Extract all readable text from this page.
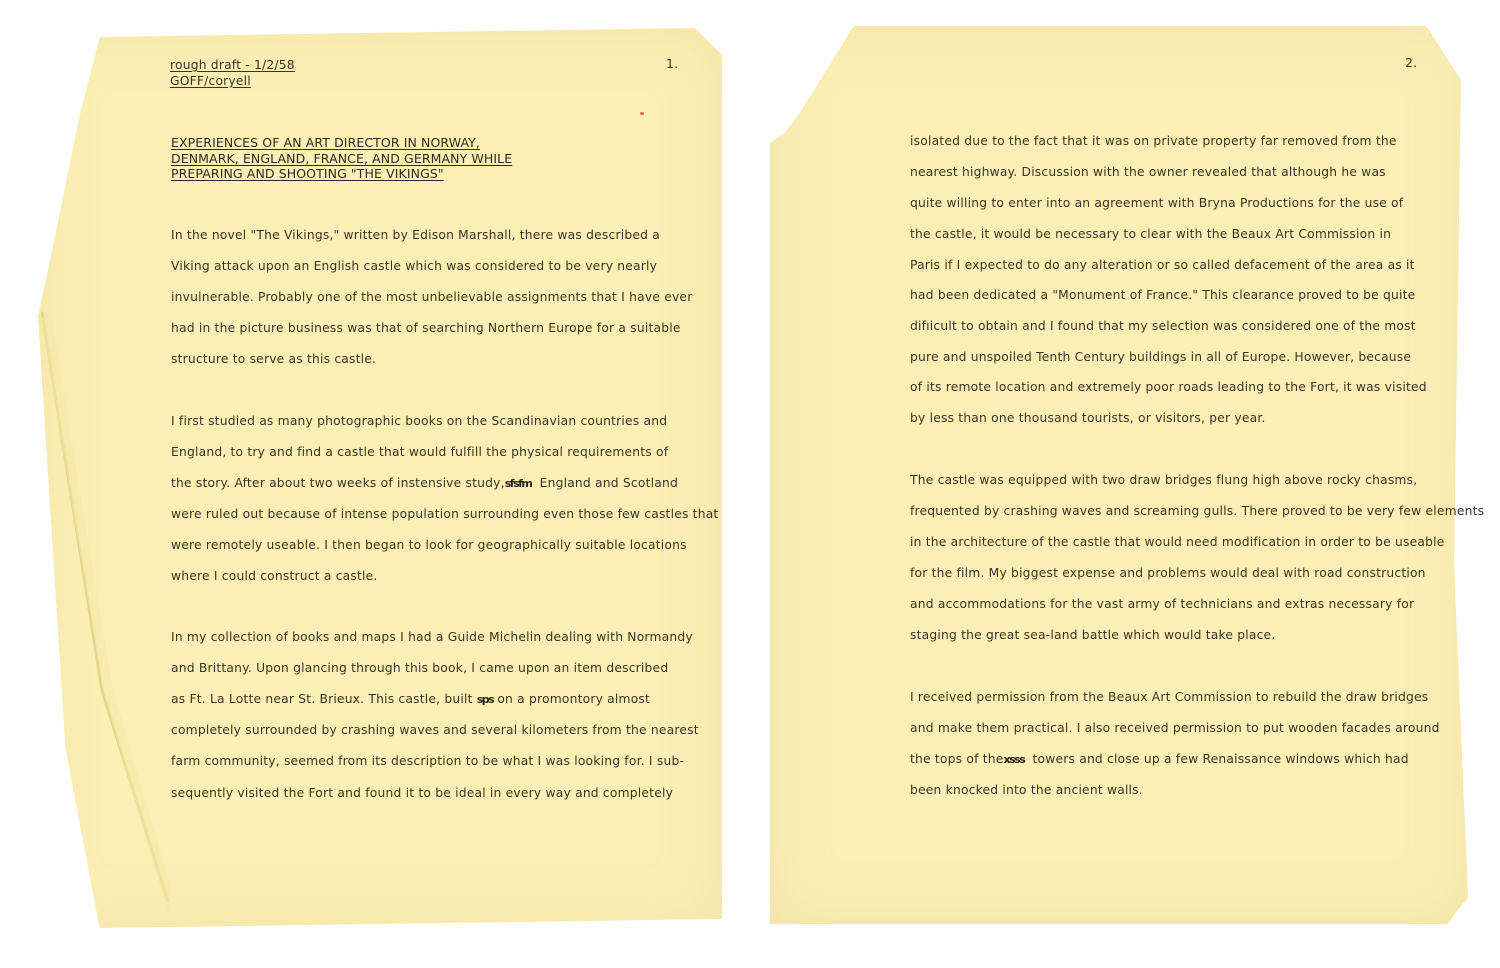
1.
rough draft - 1/2/58
GOFF/coryell
EXPERIENCES OF AN ART DIRECTOR IN NORWAY,
DENMARK, ENGLAND, FRANCE, AND GERMANY WHILE
PREPARING AND SHOOTING "THE VIKINGS"
In the novel "The Vikings," written by Edison Marshall, there was described a
Viking attack upon an English castle which was considered to be very nearly
invulnerable. Probably one of the most unbelievable assignments that I have ever
had in the picture business was that of searching Northern Europe for a suitable
structure to serve as this castle.
I first studied as many photographic books on the Scandinavian countries and
England, to try and find a castle that would fulfill the physical requirements of
the story. After about two weeks of instensive study,sfsfm England and Scotland
were ruled out because of intense population surrounding even those few castles that
were remotely useable. I then began to look for geographically suitable locations
where I could construct a castle.
In my collection of books and maps I had a Guide Michelin dealing with Normandy
and Brittany. Upon glancing through this book, I came upon an item described
as Ft. La Lotte near St. Brieux. This castle, built sps on a promontory almost
completely surrounded by crashing waves and several kilometers from the nearest
farm community, seemed from its description to be what I was looking for. I sub-
sequently visited the Fort and found it to be ideal in every way and completely
2.
isolated due to the fact that it was on private property far removed from the
nearest highway. Discussion with the owner revealed that although he was
quite willing to enter into an agreement with Bryna Productions for the use of
the castle, it would be necessary to clear with the Beaux Art Commission in
Paris if I expected to do any alteration or so called defacement of the area as it
had been dedicated a "Monument of France." This clearance proved to be quite
difıicult to obtain and I found that my selection was considered one of the most
pure and unspoiled Tenth Century buildings in all of Europe. However, because
of its remote location and extremely poor roads leading to the Fort, it was visited
by less than one thousand tourists, or visitors, per year.
The castle was equipped with two draw bridges flung high above rocky chasms,
frequented by crashing waves and screaming gulls. There proved to be very few elements
in the architecture of the castle that would need modification in order to be useable
for the film. My biggest expense and problems would deal with road construction
and accommodations for the vast army of technicians and extras necessary for
staging the great sea-land battle which would take place.
I received permission from the Beaux Art Commission to rebuild the draw bridges
and make them practical. I also received permission to put wooden facades around
the tops of thexsss towers and close up a few Renaissance windows which had
been knocked into the ancient walls.
